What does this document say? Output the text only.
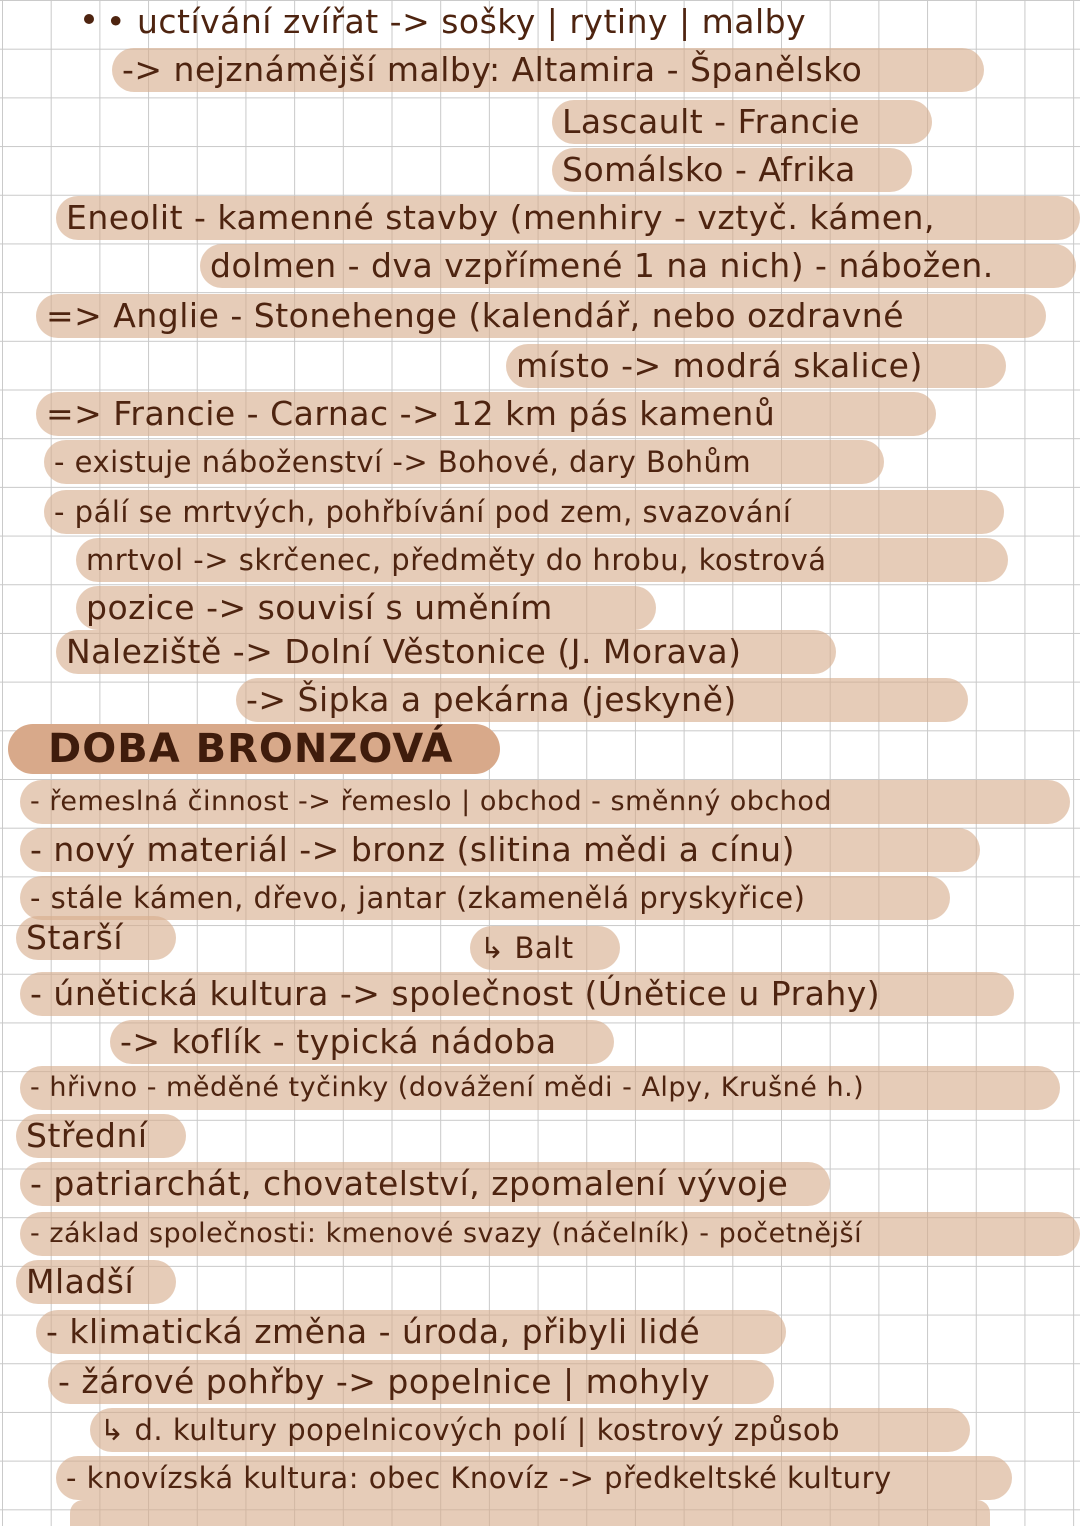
• uctívání zvířat -> sošky | rytiny | malby
-> nejznámější malby: Altamira - Španělsko
Lascault - Francie
Somálsko - Afrika
Eneolit - kamenné stavby (menhiry - vztyč. kámen,
dolmen - dva vzpřímené 1 na nich) - nábožen.
=> Anglie - Stonehenge (kalendář, nebo ozdravné
místo -> modrá skalice)
=> Francie - Carnac -> 12 km pás kamenů
- existuje náboženství -> Bohové, dary Bohům
- pálí se mrtvých, pohřbívání pod zem, svazování
mrtvol -> skrčenec, předměty do hrobu, kostrová
pozice -> souvisí s uměním
Naleziště -> Dolní Věstonice (J. Morava)
-> Šipka a pekárna (jeskyně)
DOBA BRONZOVÁ
- řemeslná činnost -> řemeslo | obchod - směnný obchod
- nový materiál -> bronz (slitina mědi a cínu)
- stále kámen, dřevo, jantar (zkamenělá pryskyřice)
Starší	↳ Balt
- únětická kultura -> společnost (Únětice u Prahy)
-> koflík - typická nádoba
- hřivno - měděné tyčinky (dovážení mědi - Alpy, Krušné h.)
Střední
- patriarchát, chovatelství, zpomalení vývoje
- základ společnosti: kmenové svazy (náčelník) - početnější
Mladší
- klimatická změna - úroda, přibyli lidé
- žárové pohřby -> popelnice | mohyly
↳ d. kultury popelnicových polí | kostrový způsob
- knovízská kultura: obec Knovíz -> předkeltské kultury
